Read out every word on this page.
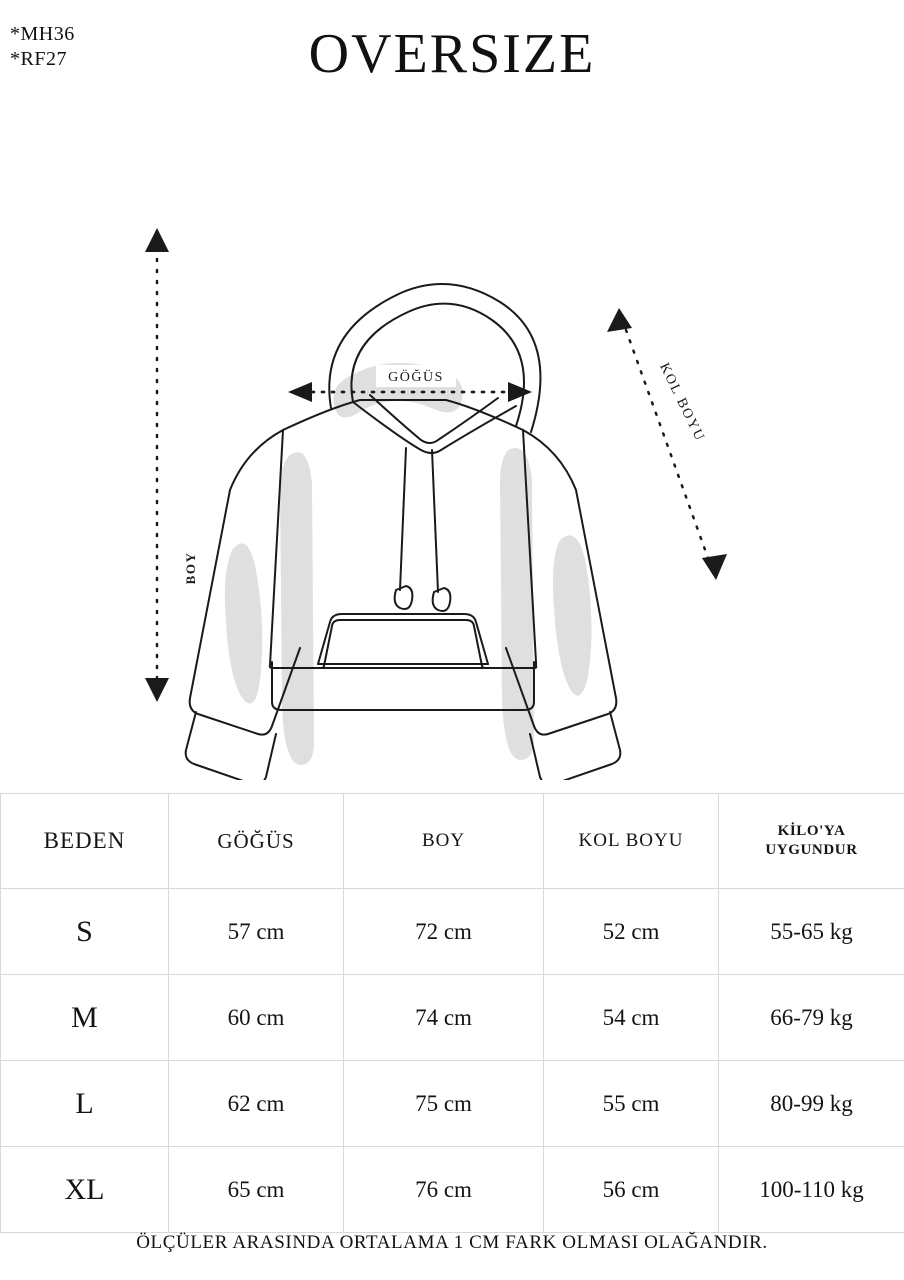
*MH36
*RF27	OVERSIZE
GÖĞÜS
BOY
KOL BOYU
BEDEN	GÖĞÜS	BOY	KOL BOYU	KİLO'YA
UYGUNDUR

S	57 cm	72 cm	52 cm	55-65 kg
M	60 cm	74 cm	54 cm	66-79 kg
L	62 cm	75 cm	55 cm	80-99 kg
XL	65 cm	76 cm	56 cm	100-110 kg
ÖLÇÜLER ARASINDA ORTALAMA 1 CM FARK OLMASI OLAĞANDIR.
